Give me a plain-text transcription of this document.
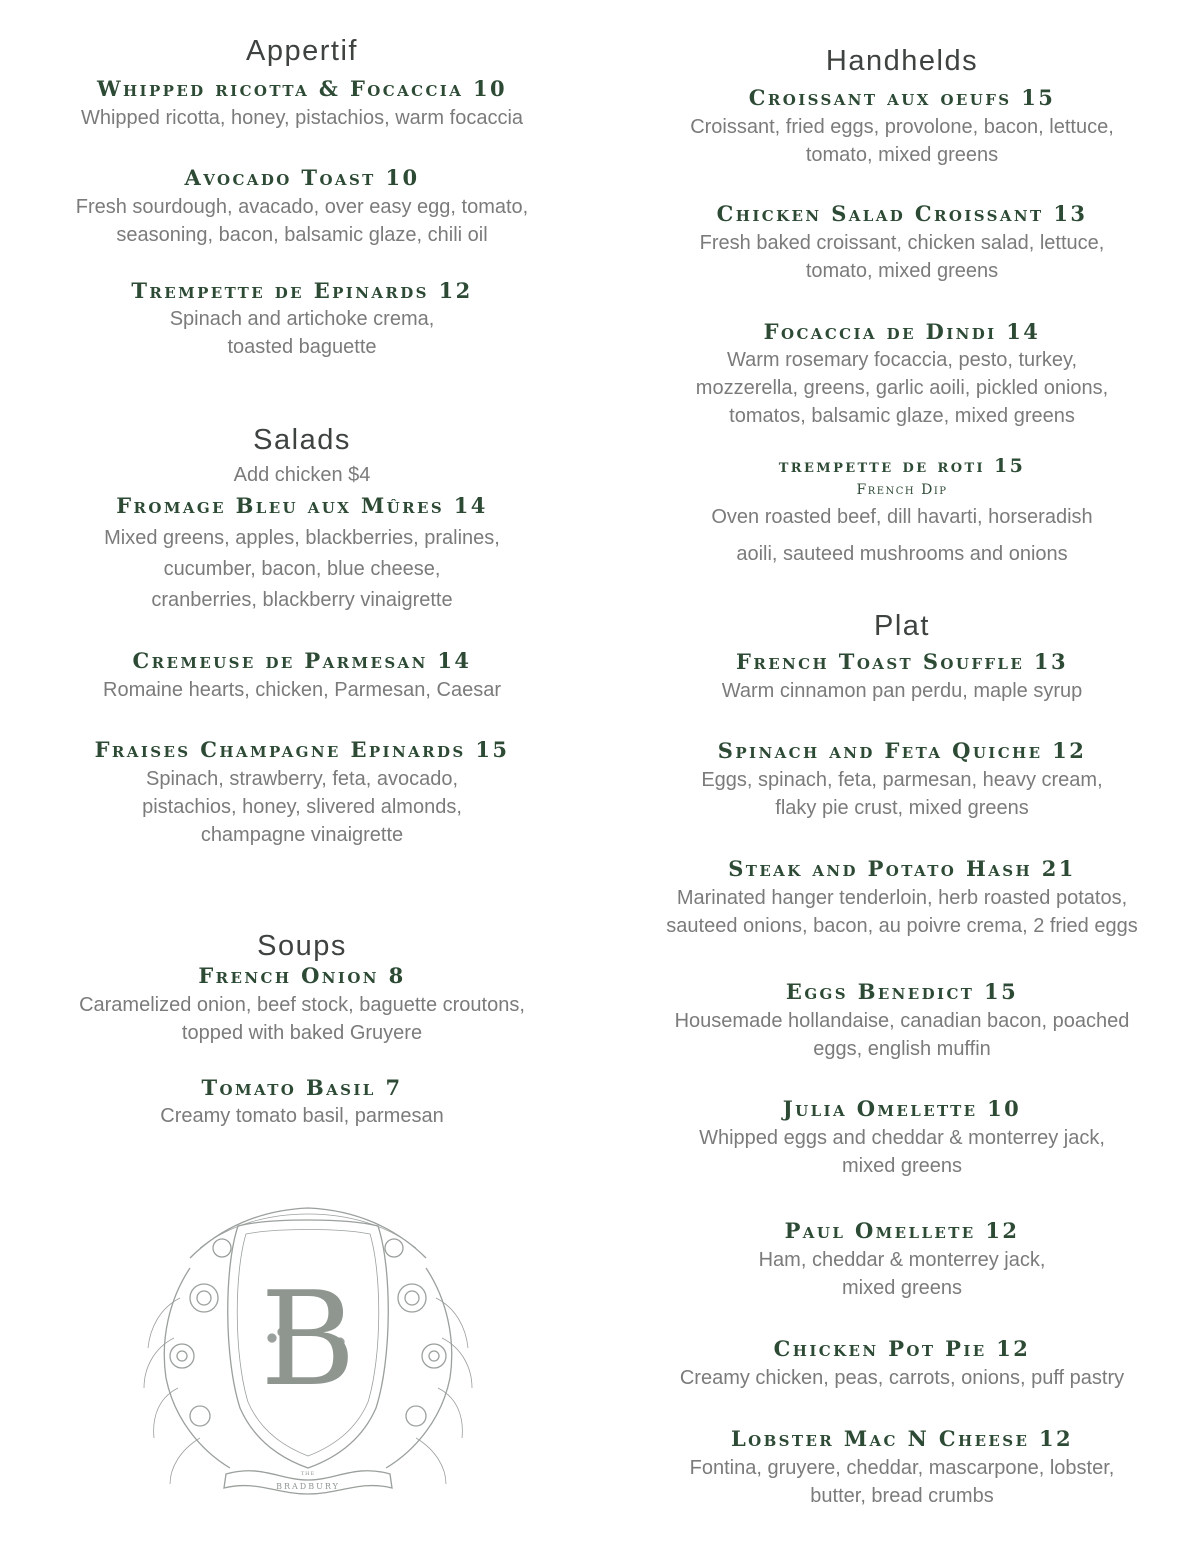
Appertif
Whipped ricotta & Focaccia 10
Whipped ricotta, honey, pistachios, warm focaccia
Avocado Toast 10
Fresh sourdough, avacado, over easy egg, tomato,
seasoning, bacon, balsamic glaze, chili oil
Trempette de Epinards 12
Spinach and artichoke crema,
toasted baguette
Salads
Add chicken $4
Fromage Bleu aux Mûres 14
Mixed greens, apples, blackberries, pralines,
cucumber, bacon, blue cheese,
cranberries, blackberry vinaigrette
Cremeuse de Parmesan 14
Romaine hearts, chicken, Parmesan, Caesar
Fraises Champagne Epinards 15
Spinach, strawberry, feta, avocado,
pistachios, honey, slivered almonds,
champagne vinaigrette
Soups
French Onion 8
Caramelized onion, beef stock, baguette croutons,
topped with baked Gruyere
Tomato Basil 7
Creamy tomato basil, parmesan
B
THE
BRADBURY
Handhelds
Croissant aux oeufs 15
Croissant, fried eggs, provolone, bacon, lettuce,
tomato, mixed greens
Chicken Salad Croissant 13
Fresh baked croissant, chicken salad, lettuce,
tomato, mixed greens
Focaccia de Dindi 14
Warm rosemary focaccia, pesto, turkey,
mozzerella, greens, garlic aoili, pickled onions,
tomatos, balsamic glaze, mixed greens
trempette de roti 15
French Dip
Oven roasted beef, dill havarti, horseradish
aoili, sauteed mushrooms and onions
Plat
French Toast Souffle 13
Warm cinnamon pan perdu, maple syrup
Spinach and Feta Quiche 12
Eggs, spinach, feta, parmesan, heavy cream,
flaky pie crust, mixed greens
Steak and Potato Hash 21
Marinated hanger tenderloin, herb roasted potatos,
sauteed onions, bacon, au poivre crema, 2 fried eggs
Eggs Benedict 15
Housemade hollandaise, canadian bacon, poached
eggs, english muffin
Julia Omelette 10
Whipped eggs and cheddar & monterrey jack,
mixed greens
Paul Omellete 12
Ham, cheddar & monterrey jack,
mixed greens
Chicken Pot Pie 12
Creamy chicken, peas, carrots, onions, puff pastry
Lobster Mac N Cheese 12
Fontina, gruyere, cheddar, mascarpone, lobster,
butter, bread crumbs
